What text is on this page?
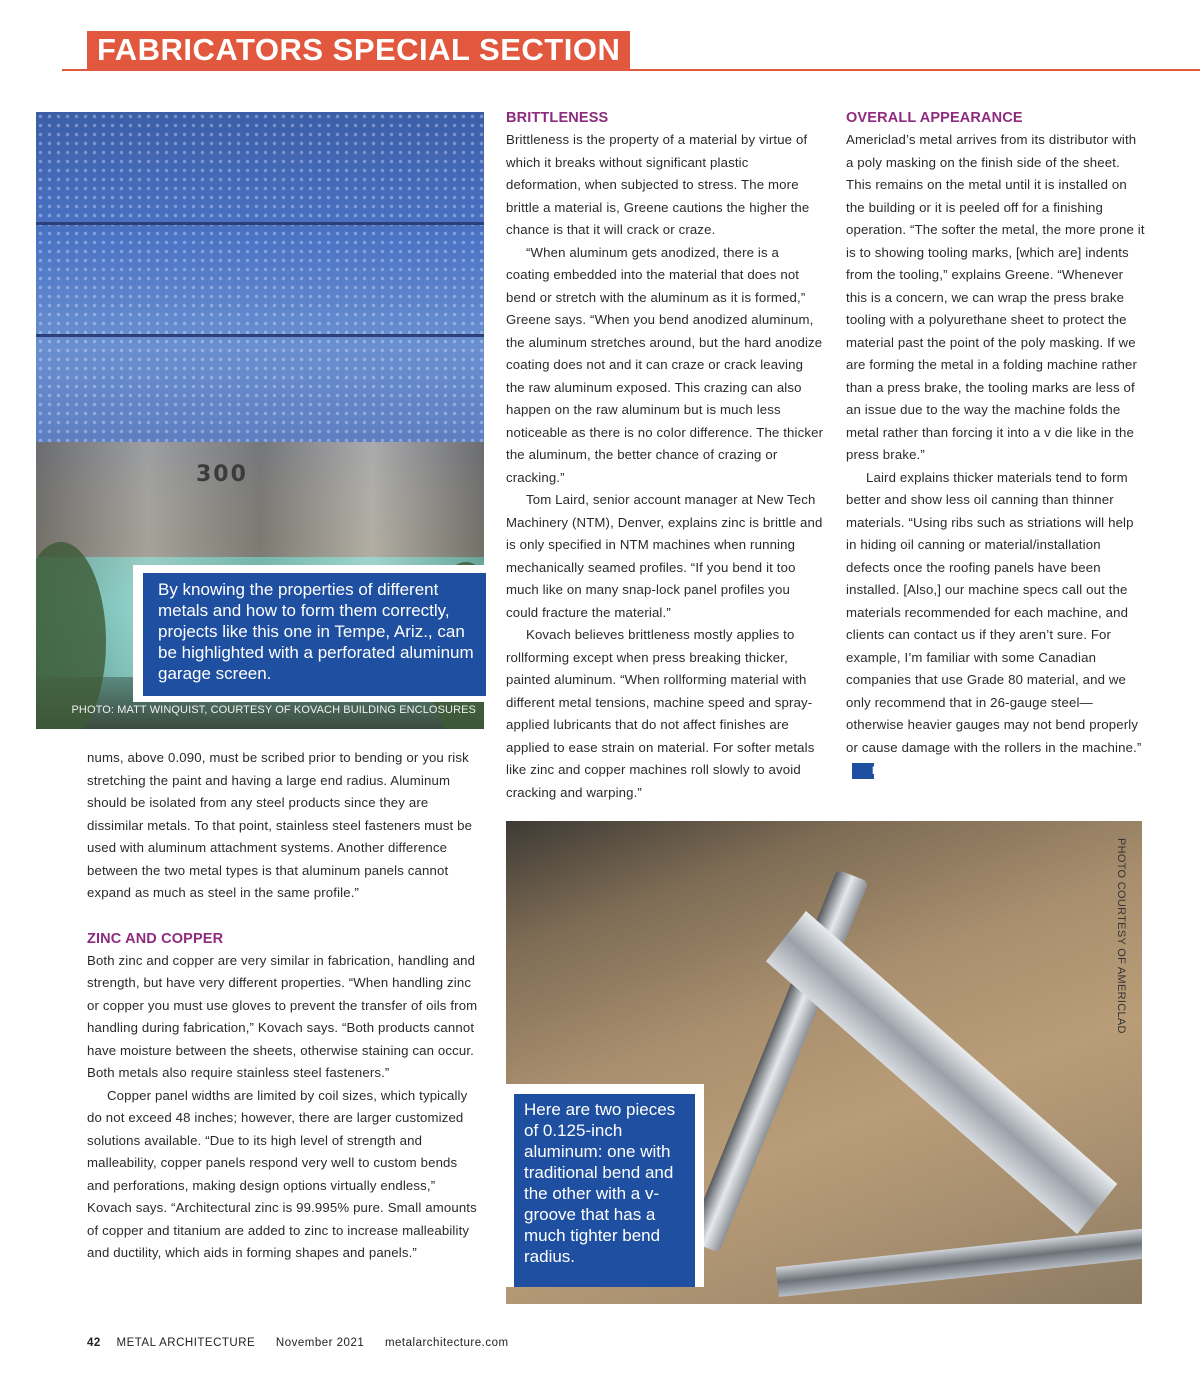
FABRICATORS SPECIAL SECTION
300
By knowing the properties of different metals and how to form them correctly, projects like this one in Tempe, Ariz., can be highlighted with a perforated aluminum garage screen.
PHOTO: MATT WINQUIST, COURTESY OF KOVACH BUILDING ENCLOSURES

nums, above 0.090, must be scribed prior to bending or you risk stretching the paint and having a large end radius. Aluminum should be isolated from any steel products since they are dissimilar metals. To that point, stainless steel fasteners must be used with aluminum attachment systems. Another difference between the two metal types is that aluminum panels cannot expand as much as steel in the same profile.”

ZINC AND COPPER

Both zinc and copper are very similar in fabrication, handling and strength, but have very different properties. “When handling zinc or copper you must use gloves to prevent the transfer of oils from handling during fabrication,” Kovach says. “Both products cannot have moisture between the sheets, otherwise staining can occur. Both metals also require stainless steel fasteners.”

Copper panel widths are limited by coil sizes, which typically do not exceed 48 inches; however, there are larger customized solutions available. “Due to its high level of strength and malleability, copper panels respond very well to custom bends and perforations, making design options virtually endless,” Kovach says. “Architectural zinc is 99.995% pure. Small amounts of copper and titanium are added to zinc to increase malleability and ductility, which aids in forming shapes and panels.”

BRITTLENESS

Brittleness is the property of a material by virtue of which it breaks without significant plastic deformation, when subjected to stress. The more brittle a material is, Greene cautions the higher the chance is that it will crack or craze.

“When aluminum gets anodized, there is a coating embedded into the material that does not bend or stretch with the aluminum as it is formed,” Greene says. “When you bend anodized aluminum, the aluminum stretches around, but the hard anodize coating does not and it can craze or crack leaving the raw aluminum exposed. This crazing can also happen on the raw aluminum but is much less noticeable as there is no color difference. The thicker the aluminum, the better chance of crazing or cracking.”

Tom Laird, senior account manager at New Tech Machinery (NTM), Denver, explains zinc is brittle and is only specified in NTM machines when running mechanically seamed profiles. “If you bend it too much like on many snap-lock panel profiles you could fracture the material.”

Kovach believes brittleness mostly applies to rollforming except when press breaking thicker, painted aluminum. “When rollforming material with different metal tensions, machine speed and spray-applied lubricants that do not affect finishes are applied to ease strain on material. For softer metals like zinc and copper machines roll slowly to avoid cracking and warping.”

OVERALL APPEARANCE

Americlad’s metal arrives from its distributor with a poly masking on the finish side of the sheet. This remains on the metal until it is installed on the building or it is peeled off for a finishing operation. “The softer the metal, the more prone it is to showing tooling marks, [which are] indents from the tooling,” explains Greene. “Whenever this is a concern, we can wrap the press brake tooling with a polyurethane sheet to protect the material past the point of the poly masking. If we are forming the metal in a folding machine rather than a press brake, the tooling marks are less of an issue due to the way the machine folds the metal rather than forcing it into a v die like in the press brake.”

Laird explains thicker materials tend to form better and show less oil canning than thinner materials. “Using ribs such as striations will help in hiding oil canning or material/installation defects once the roofing panels have been installed. [Also,] our machine specs call out the materials recommended for each machine, and clients can contact us if they aren’t sure. For example, I’m familiar with some Canadian companies that use Grade 80 material, and we only recommend that in 26-gauge steel—otherwise heavier gauges may not bend properly or cause damage with the rollers in the machine.”MA

PHOTO COURTESY OF AMERICLAD
Here are two pieces of 0.125-inch aluminum: one with traditional bend and the other with a v-groove that has a much tighter bend radius.
42 METAL ARCHITECTURE November 2021 metalarchitecture.com
